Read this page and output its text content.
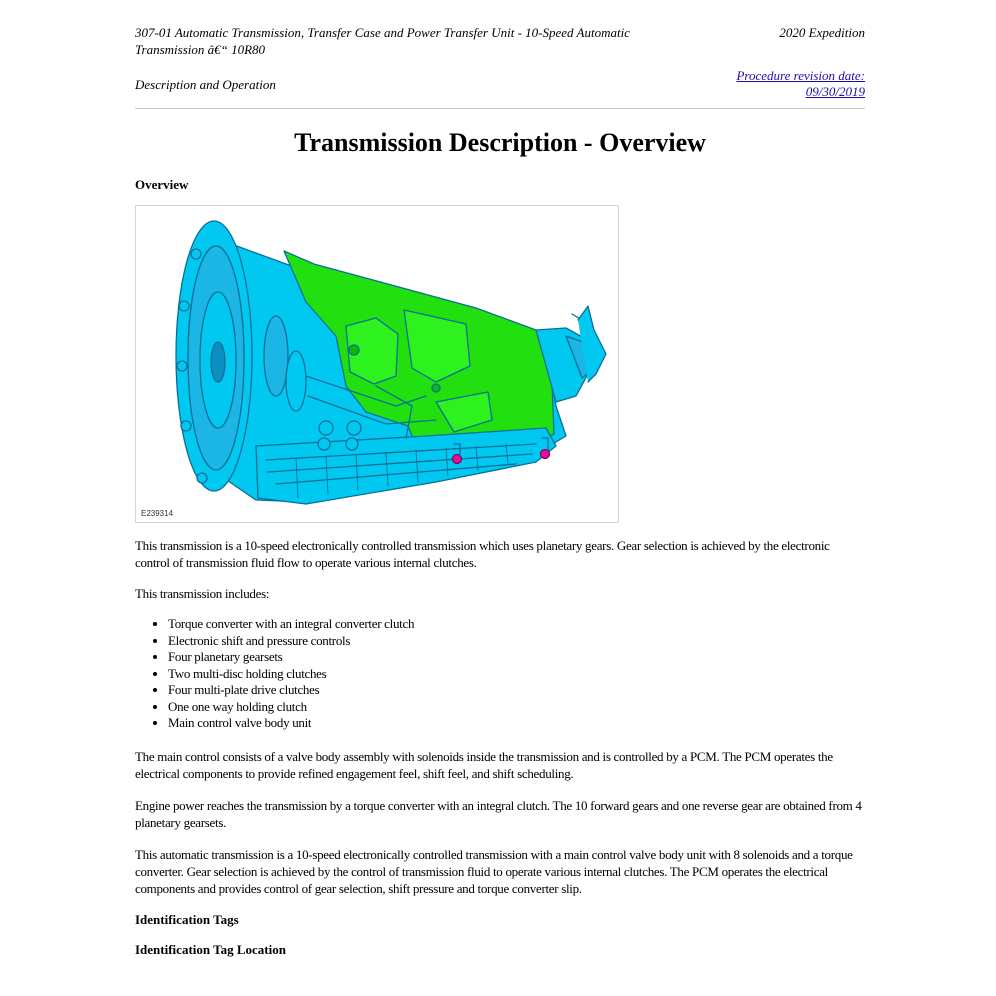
307-01 Automatic Transmission, Transfer Case and Power Transfer Unit - 10-Speed Automatic Transmission â€“ 10R80
2020 Expedition
Description and Operation
Procedure revision date:
09/30/2019
Transmission Description - Overview
Overview
E239314

This transmission is a 10-speed electronically controlled transmission which uses planetary gears. Gear selection is achieved by the electronic control of transmission fluid flow to operate various internal clutches.

This transmission includes:

• Torque converter with an integral converter clutch
• Electronic shift and pressure controls
• Four planetary gearsets
• Two multi-disc holding clutches
• Four multi-plate drive clutches
• One one way holding clutch
• Main control valve body unit

The main control consists of a valve body assembly with solenoids inside the transmission and is controlled by a PCM. The PCM operates the electrical components to provide refined engagement feel, shift feel, and shift scheduling.

Engine power reaches the transmission by a torque converter with an integral clutch. The 10 forward gears and one reverse gear are obtained from 4 planetary gearsets.

This automatic transmission is a 10-speed electronically controlled transmission with a main control valve body unit with 8 solenoids and a torque converter. Gear selection is achieved by the control of transmission fluid to operate various internal clutches. The PCM operates the electrical components and provides control of gear selection, shift pressure and torque converter slip.

Identification Tags
Identification Tag Location
